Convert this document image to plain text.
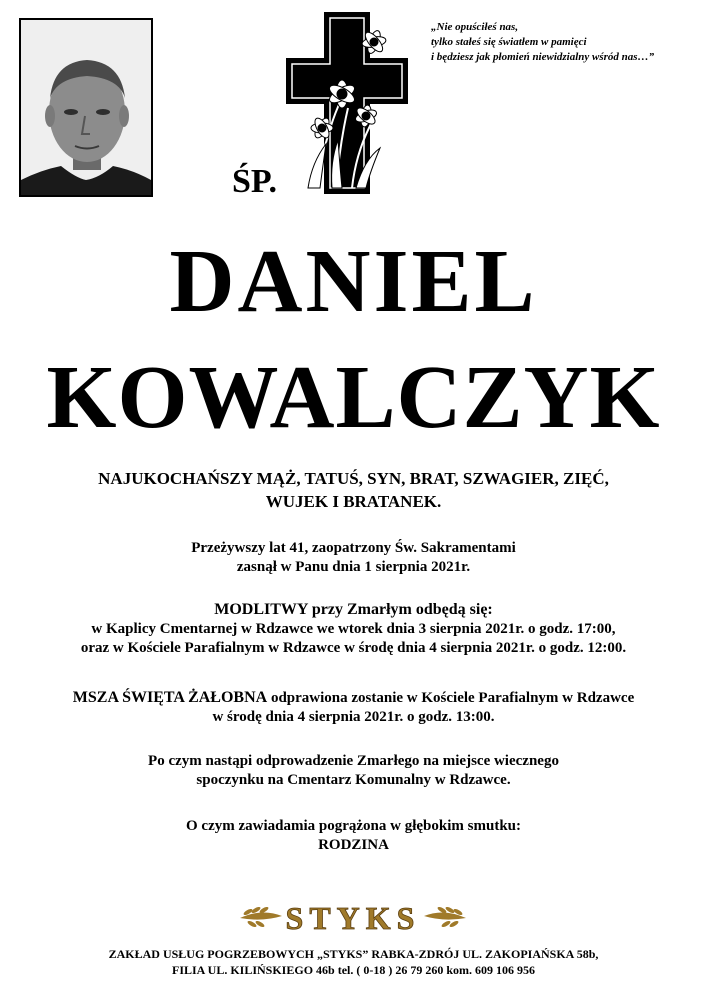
„Nie opuściłeś nas,
tylko stałeś się światłem w pamięci
i będziesz jak płomień niewidzialny wśród nas…”
ŚP.
DANIEL
KOWALCZYK
NAJUKOCHAŃSZY MĄŻ, TATUŚ, SYN, BRAT, SZWAGIER, ZIĘĆ,
WUJEK I BRATANEK.
Przeżywszy lat 41, zaopatrzony Św. Sakramentami
zasnął w Panu dnia 1 sierpnia 2021r.
MODLITWY przy Zmarłym odbędą się:
w Kaplicy Cmentarnej w Rdzawce we wtorek dnia 3 sierpnia 2021r. o godz. 17:00,
oraz w Kościele Parafialnym w Rdzawce w środę dnia 4 sierpnia 2021r. o godz. 12:00.
MSZA ŚWIĘTA ŻAŁOBNA odprawiona zostanie w Kościele Parafialnym w Rdzawce
w środę dnia 4 sierpnia 2021r. o godz. 13:00.
Po czym nastąpi odprowadzenie Zmarłego na miejsce wiecznego
spoczynku na Cmentarz Komunalny w Rdzawce.
O czym zawiadamia pogrążona w głębokim smutku:
RODZINA
STYKS
ZAKŁAD USŁUG POGRZEBOWYCH „STYKS” RABKA-ZDRÓJ UL. ZAKOPIAŃSKA 58b,
FILIA UL. KILIŃSKIEGO 46b tel. ( 0-18 ) 26 79 260 kom. 609 106 956
